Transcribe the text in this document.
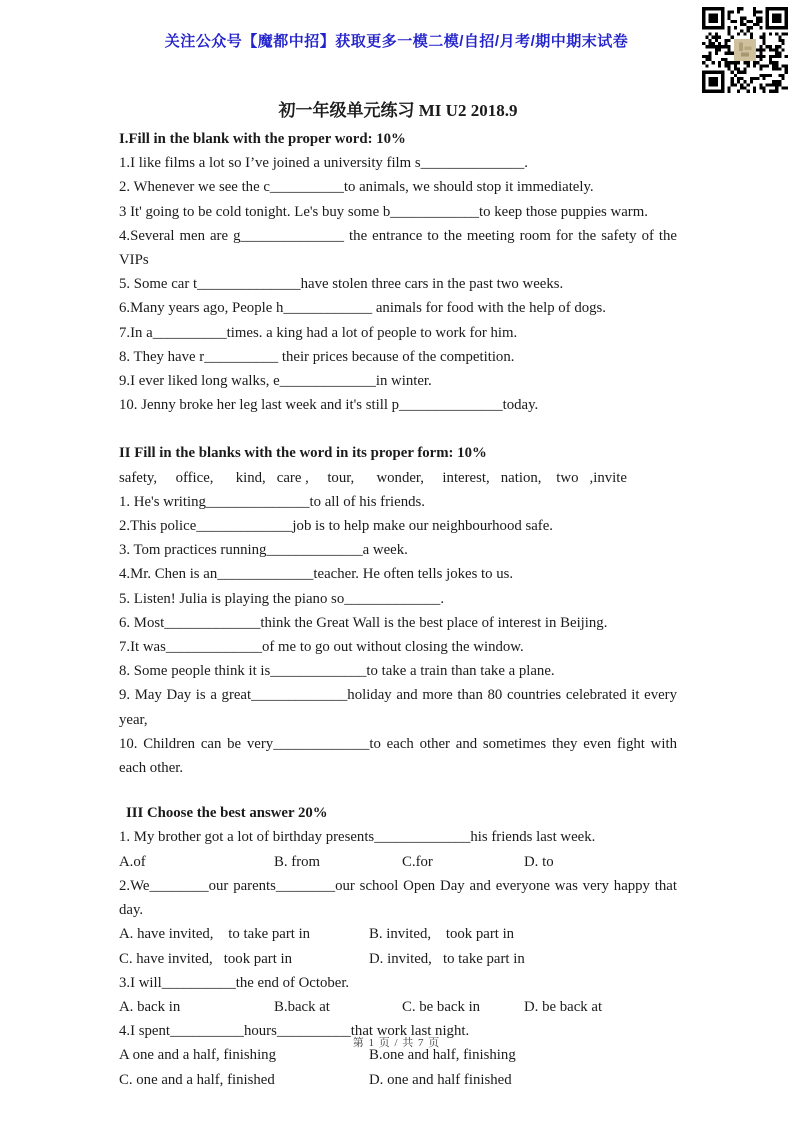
关注公众号【魔都中招】获取更多一模二模/自招/月考/期中期末试卷
初一年级单元练习 MI U2 2018.9
I.Fill in the blank with the proper word: 10%

1.I like films a lot so I’ve joined a university film s______________.

2. Whenever we see the c__________to animals, we should stop it immediately.

3 It' going to be cold tonight. Le's buy some b____________to keep those puppies warm.

4.Several men are g______________ the entrance to the meeting room for the safety of the VIPs

5. Some car t______________have stolen three cars in the past two weeks.

6.Many years ago, People h____________ animals for food with the help of dogs.

7.In a__________times. a king had a lot of people to work for him.

8. They have r__________ their prices because of the competition.

9.I ever liked long walks, e_____________in winter.

10. Jenny broke her leg last week and it's still p______________today.

II Fill in the blanks with the word in its proper form: 10%

safety,     office,      kind,   care ,     tour,      wonder,     interest,   nation,    two   ,invite

1. He's writing______________to all of his friends.

2.This police_____________job is to help make our neighbourhood safe.

3. Tom practices running_____________a week.

4.Mr. Chen is an_____________teacher. He often tells jokes to us.

5. Listen! Julia is playing the piano so_____________.

6. Most_____________think the Great Wall is the best place of interest in Beijing.

7.It was_____________of me to go out without closing the window.

8. Some people think it is_____________to take a train than take a plane.

9. May Day is a great_____________holiday and more than 80 countries celebrated it every year,

10. Children can be very_____________to each other and sometimes they even fight with each other.

III Choose the best answer 20%

1. My brother got a lot of birthday presents_____________his friends last week.

A.of	B. from	C.for	D. to

2.We________our parents________our school Open Day and everyone was very happy that day.

A. have invited,    to take part in	B. invited,    took part in
C. have invited,   took part in	D. invited,   to take part in

3.I will__________the end of October.

A. back in	B.back at	C. be back in	D. be back at

4.I spent__________hours__________that work last night.

A one and a half, finishing	B.one and half, finishing
C. one and a half, finished	D. one and half finished
第 1 页 / 共 7 页
